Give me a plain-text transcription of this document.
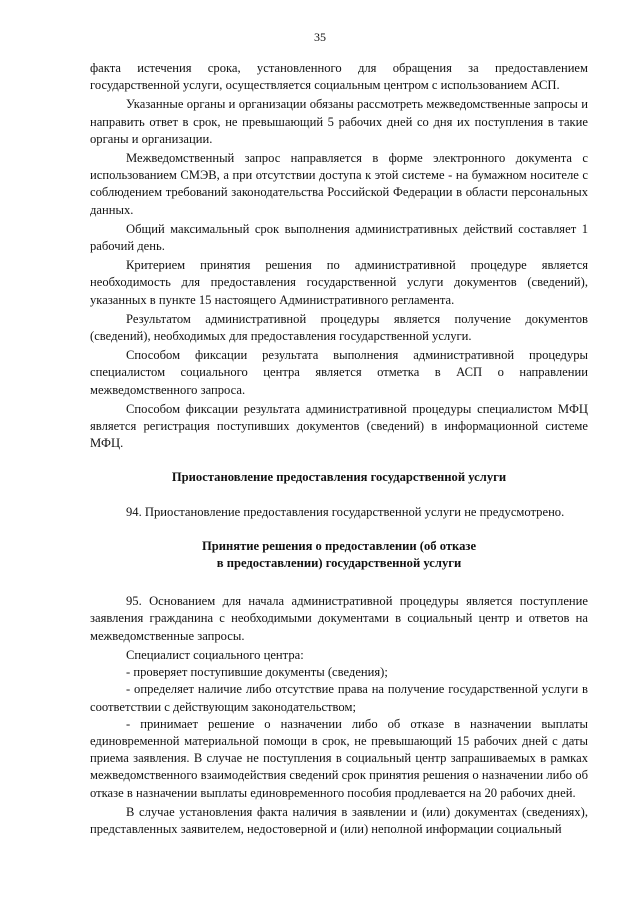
35

факта истечения срока, установленного для обращения за предоставлением государственной услуги, осуществляется социальным центром с использованием АСП.

Указанные органы и организации обязаны рассмотреть межведомственные запросы и направить ответ в срок, не превышающий 5 рабочих дней со дня их поступления в такие органы и организации.

Межведомственный запрос направляется в форме электронного документа с использованием СМЭВ, а при отсутствии доступа к этой системе - на бумажном носителе с соблюдением требований законодательства Российской Федерации в области персональных данных.

Общий максимальный срок выполнения административных действий составляет 1 рабочий день.

Критерием принятия решения по административной процедуре является необходимость для предоставления государственной услуги документов (сведений), указанных в пункте 15 настоящего Административного регламента.

Результатом административной процедуры является получение документов (сведений), необходимых для предоставления государственной услуги.

Способом фиксации результата выполнения административной процедуры специалистом социального центра является отметка в АСП о направлении межведомственного запроса.

Способом фиксации результата административной процедуры специалистом МФЦ является регистрация поступивших документов (сведений) в информационной системе МФЦ.

Приостановление предоставления государственной услуги

94. Приостановление предоставления государственной услуги не предусмотрено.

Принятие решения о предоставлении (об отказе

в предоставлении) государственной услуги

95. Основанием для начала административной процедуры является поступление заявления гражданина с необходимыми документами в социальный центр и ответов на межведомственные запросы.

Специалист социального центра:

- проверяет поступившие документы (сведения);

- определяет наличие либо отсутствие права на получение государственной услуги в соответствии с действующим законодательством;

- принимает решение о назначении либо об отказе в назначении выплаты единовременной материальной помощи в срок, не превышающий 15 рабочих дней с даты приема заявления. В случае не поступления в социальный центр запрашиваемых в рамках межведомственного взаимодействия сведений срок принятия решения о назначении либо об отказе в назначении выплаты единовременного пособия продлевается на 20 рабочих дней.

В случае установления факта наличия в заявлении и (или) документах (сведениях), представленных заявителем, недостоверной и (или) неполной информации социальный
